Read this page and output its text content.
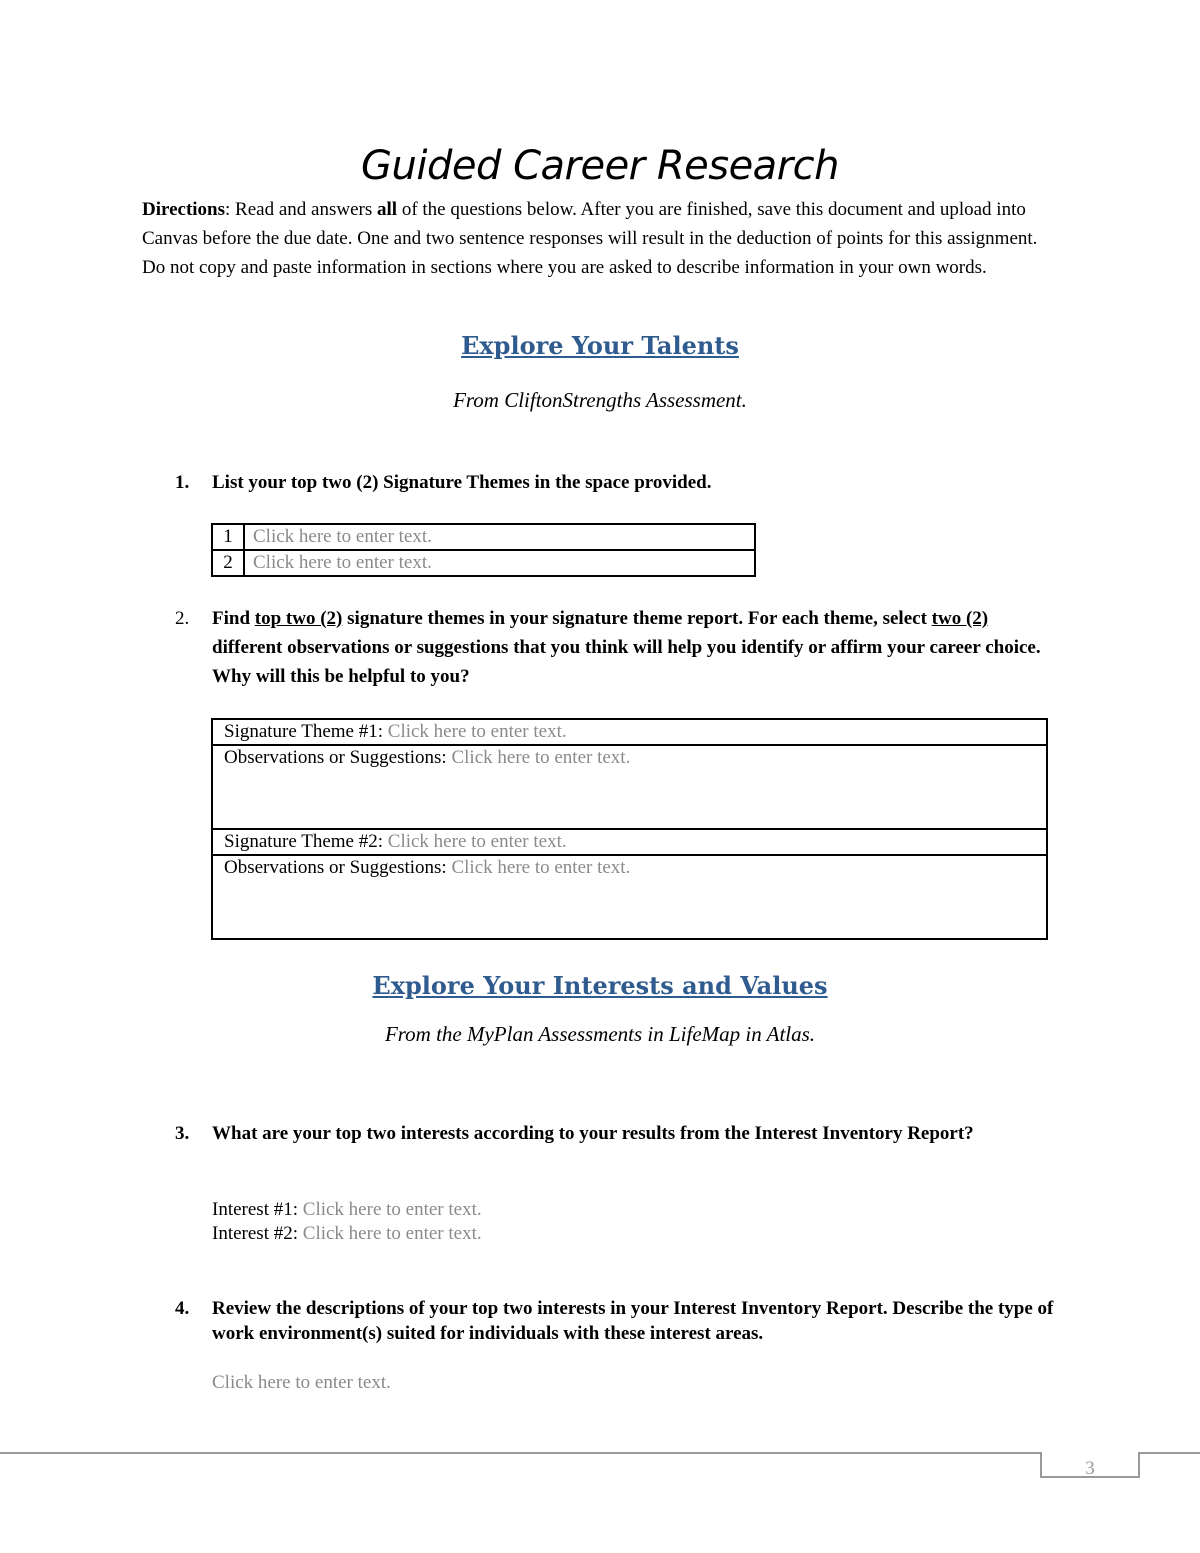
Guided Career Research

Directions: Read and answers all of the questions below. After you are finished, save this document and upload into Canvas before the due date. One and two sentence responses will result in the deduction of points for this assignment. Do not copy and paste information in sections where you are asked to describe information in your own words.

Explore Your Talents

From CliftonStrengths Assessment.

1. List your top two (2) Signature Themes in the space provided.
1	Click here to enter text.
2	Click here to enter text.
2. Find top two (2) signature themes in your signature theme report. For each theme, select two (2) different observations or suggestions that you think will help you identify or affirm your career choice. Why will this be helpful to you?
Signature Theme #1: Click here to enter text.
Observations or Suggestions: Click here to enter text.
Signature Theme #2: Click here to enter text.
Observations or Suggestions: Click here to enter text.
Explore Your Interests and Values

From the MyPlan Assessments in LifeMap in Atlas.

3. What are your top two interests according to your results from the Interest Inventory Report?

Interest #1: Click here to enter text.

Interest #2: Click here to enter text.

4. Review the descriptions of your top two interests in your Interest Inventory Report. Describe the type of work environment(s) suited for individuals with these interest areas.

Click here to enter text.

3
